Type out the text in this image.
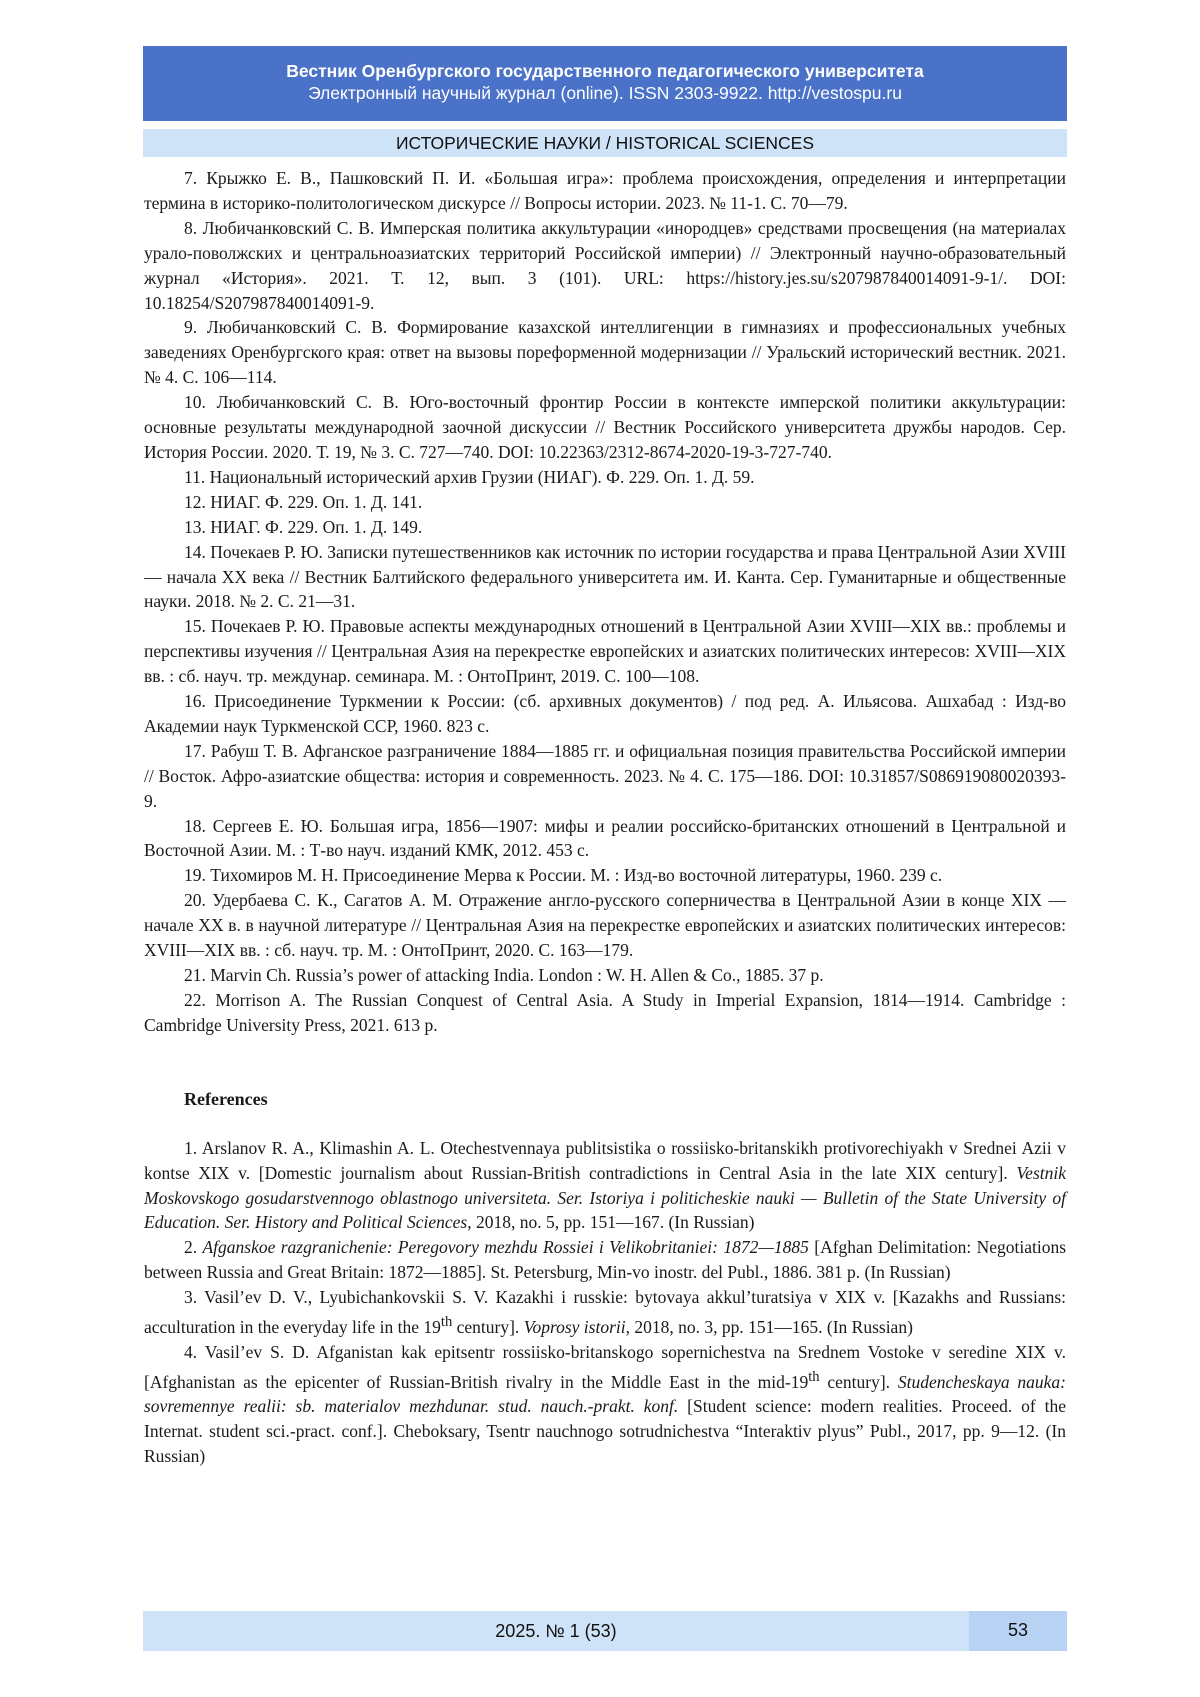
Вестник Оренбургского государственного педагогического университета
Электронный научный журнал (online). ISSN 2303-9922. http://vestospu.ru
ИСТОРИЧЕСКИЕ НАУКИ / HISTORICAL SCIENCES

7. Крыжко Е. В., Пашковский П. И. «Большая игра»: проблема происхождения, определения и интерпретации термина в историко-политологическом дискурсе // Вопросы истории. 2023. № 11-1. С. 70—79.

8. Любичанковский С. В. Имперская политика аккультурации «инородцев» средствами просвещения (на материалах урало-поволжских и центральноазиатских территорий Российской империи) // Электронный научно-образовательный журнал «История». 2021. Т. 12, вып. 3 (101). URL: https://history.jes.su/s207987840014091-9-1/. DOI: 10.18254/S207987840014091-9.

9. Любичанковский С. В. Формирование казахской интеллигенции в гимназиях и профессиональных учебных заведениях Оренбургского края: ответ на вызовы пореформенной модернизации // Уральский исторический вестник. 2021. № 4. С. 106—114.

10. Любичанковский С. В. Юго-восточный фронтир России в контексте имперской политики аккультурации: основные результаты международной заочной дискуссии // Вестник Российского университета дружбы народов. Сер. История России. 2020. Т. 19, № 3. С. 727—740. DOI: 10.22363/2312-8674-2020-19-3-727-740.

11. Национальный исторический архив Грузии (НИАГ). Ф. 229. Оп. 1. Д. 59.

12. НИАГ. Ф. 229. Оп. 1. Д. 141.

13. НИАГ. Ф. 229. Оп. 1. Д. 149.

14. Почекаев Р. Ю. Записки путешественников как источник по истории государства и права Центральной Азии XVIII — начала XX века // Вестник Балтийского федерального университета им. И. Канта. Сер. Гуманитарные и общественные науки. 2018. № 2. С. 21—31.

15. Почекаев Р. Ю. Правовые аспекты международных отношений в Центральной Азии XVIII—XIX вв.: проблемы и перспективы изучения // Центральная Азия на перекрестке европейских и азиатских политических интересов: XVIII—XIX вв. : сб. науч. тр. междунар. семинара. М. : ОнтоПринт, 2019. С. 100—108.

16. Присоединение Туркмении к России: (сб. архивных документов) / под ред. А. Ильясова. Ашхабад : Изд-во Академии наук Туркменской ССР, 1960. 823 с.

17. Рабуш Т. В. Афганское разграничение 1884—1885 гг. и официальная позиция правительства Российской империи // Восток. Афро-азиатские общества: история и современность. 2023. № 4. С. 175—186. DOI: 10.31857/S086919080020393-9.

18. Сергеев Е. Ю. Большая игра, 1856—1907: мифы и реалии российско-британских отношений в Центральной и Восточной Азии. М. : Т-во науч. изданий КМК, 2012. 453 с.

19. Тихомиров М. Н. Присоединение Мерва к России. М. : Изд-во восточной литературы, 1960. 239 с.

20. Удербаева С. К., Сагатов А. М. Отражение англо-русского соперничества в Центральной Азии в конце XIX — начале XX в. в научной литературе // Центральная Азия на перекрестке европейских и азиатских политических интересов: XVIII—XIX вв. : сб. науч. тр. М. : ОнтоПринт, 2020. С. 163—179.

21. Marvin Ch. Russia’s power of attacking India. London : W. H. Allen & Co., 1885. 37 p.

22. Morrison A. The Russian Conquest of Central Asia. A Study in Imperial Expansion, 1814—1914. Cambridge : Cambridge University Press, 2021. 613 p.

References

1. Arslanov R. A., Klimashin A. L. Otechestvennaya publitsistika o rossiisko-britanskikh protivorechiyakh v Srednei Azii v kontse XIX v. [Domestic journalism about Russian-British contradictions in Central Asia in the late XIX century]. Vestnik Moskovskogo gosudarstvennogo oblastnogo universiteta. Ser. Istoriya i politicheskie nauki — Bulletin of the State University of Education. Ser. History and Political Sciences, 2018, no. 5, pp. 151—167. (In Russian)

2. Afganskoe razgranichenie: Peregovory mezhdu Rossiei i Velikobritaniei: 1872—1885 [Afghan Delimitation: Negotiations between Russia and Great Britain: 1872—1885]. St. Petersburg, Min-vo inostr. del Publ., 1886. 381 p. (In Russian)

3. Vasil’ev D. V., Lyubichankovskii S. V. Kazakhi i russkie: bytovaya akkul’turatsiya v XIX v. [Kazakhs and Russians: acculturation in the everyday life in the 19th century]. Voprosy istorii, 2018, no. 3, pp. 151—165. (In Russian)

4. Vasil’ev S. D. Afganistan kak epitsentr rossiisko-britanskogo sopernichestva na Srednem Vostoke v seredine XIX v. [Afghanistan as the epicenter of Russian-British rivalry in the Middle East in the mid-19th century]. Studencheskaya nauka: sovremennye realii: sb. materialov mezhdunar. stud. nauch.-prakt. konf. [Student science: modern realities. Proceed. of the Internat. student sci.-pract. conf.]. Cheboksary, Tsentr nauchnogo sotrudnichestva “Interaktiv plyus” Publ., 2017, pp. 9—12. (In Russian)

2025. № 1 (53)	53
